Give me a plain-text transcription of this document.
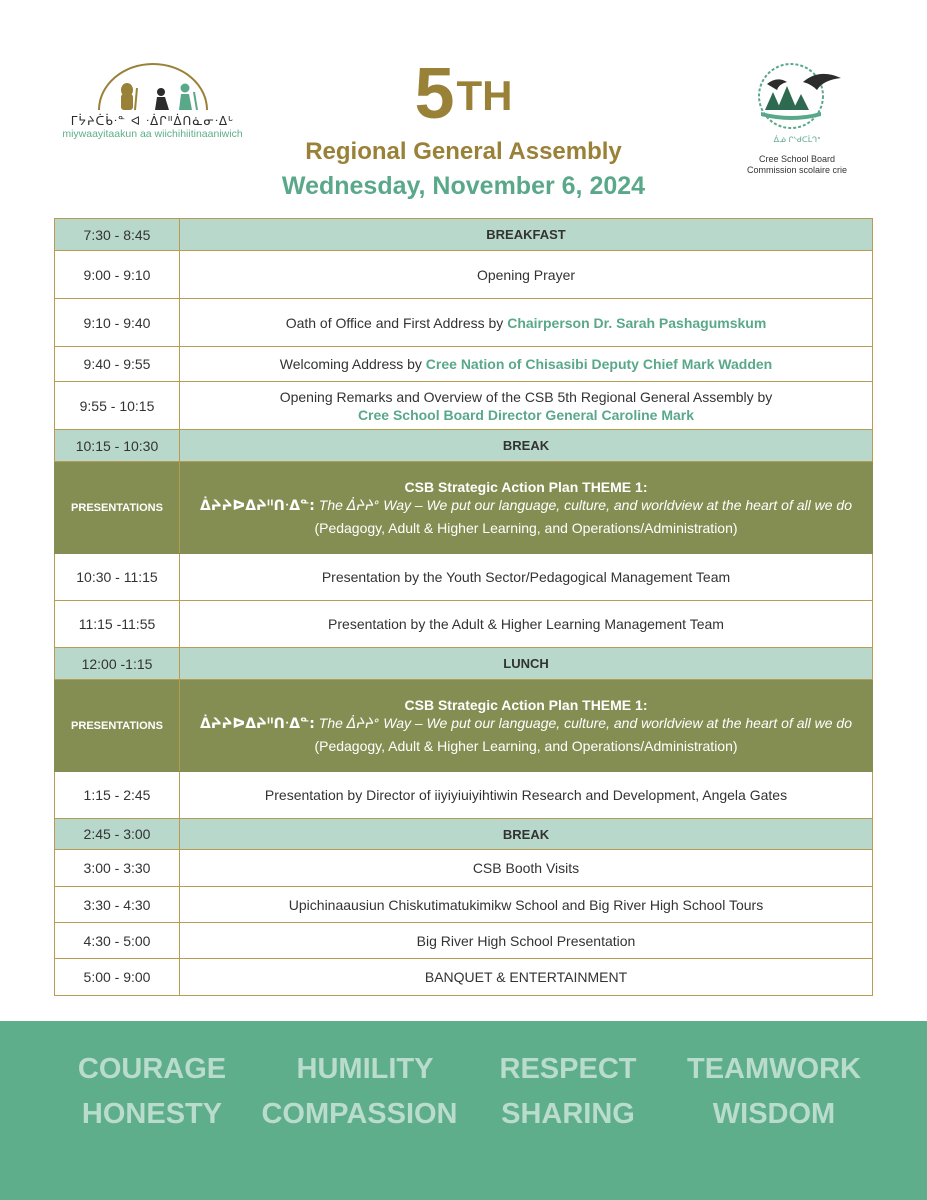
ᒥᔮᔨᑖᑳᐧᓐ ᐊ ᐧᐄᒋᐦᐄᑎᓈᓂᐧᐃᒡ
miywaayitaakun aa wiichihiitinaaniwich	5TH
Regional General Assembly
Wednesday, November 6, 2024
ᐄᓅ ᒋᔅᑯᑕᒫᒉᐤ
Cree School Board
Commission scolaire crie
7:30 - 8:45	BREAKFAST
9:00 - 9:10	Opening Prayer
9:10 - 9:40	Oath of Office and First Address by Chairperson Dr. Sarah Pashagumskum
9:40 - 9:55	Welcoming Address by Cree Nation of Chisasibi Deputy Chief Mark Wadden
9:55 - 10:15	Opening Remarks and Overview of the CSB 5th Regional General Assembly by
Cree School Board Director General Caroline Mark
10:15 - 10:30	BREAK
PRESENTATIONS	CSB Strategic Action Plan THEME 1:
ᐄᔨᔨᐅᐃᔨᐦᑎᐧᐃᓐ: The ᐄᔨᔨᐤ Way – We put our language, culture, and worldview at the heart of all we do
(Pedagogy, Adult & Higher Learning, and Operations/Administration)

10:30 - 11:15	Presentation by the Youth Sector/Pedagogical Management Team
11:15 -11:55	Presentation by the Adult & Higher Learning Management Team
12:00 -1:15	LUNCH
PRESENTATIONS	CSB Strategic Action Plan THEME 1:
ᐄᔨᔨᐅᐃᔨᐦᑎᐧᐃᓐ: The ᐄᔨᔨᐤ Way – We put our language, culture, and worldview at the heart of all we do
(Pedagogy, Adult & Higher Learning, and Operations/Administration)

1:15 - 2:45	Presentation by Director of iiyiyiuiyihtiwin Research and Development, Angela Gates
2:45 - 3:00	BREAK
3:00 - 3:30	CSB Booth Visits
3:30 - 4:30	Upichinaausiun Chiskutimatukimikw School and Big River High School Tours
4:30 - 5:00	Big River High School Presentation
5:00 - 9:00	BANQUET & ENTERTAINMENT
COURAGE	HUMILITY	RESPECT	TEAMWORK
HONESTY	COMPASSION	SHARING	WISDOM
